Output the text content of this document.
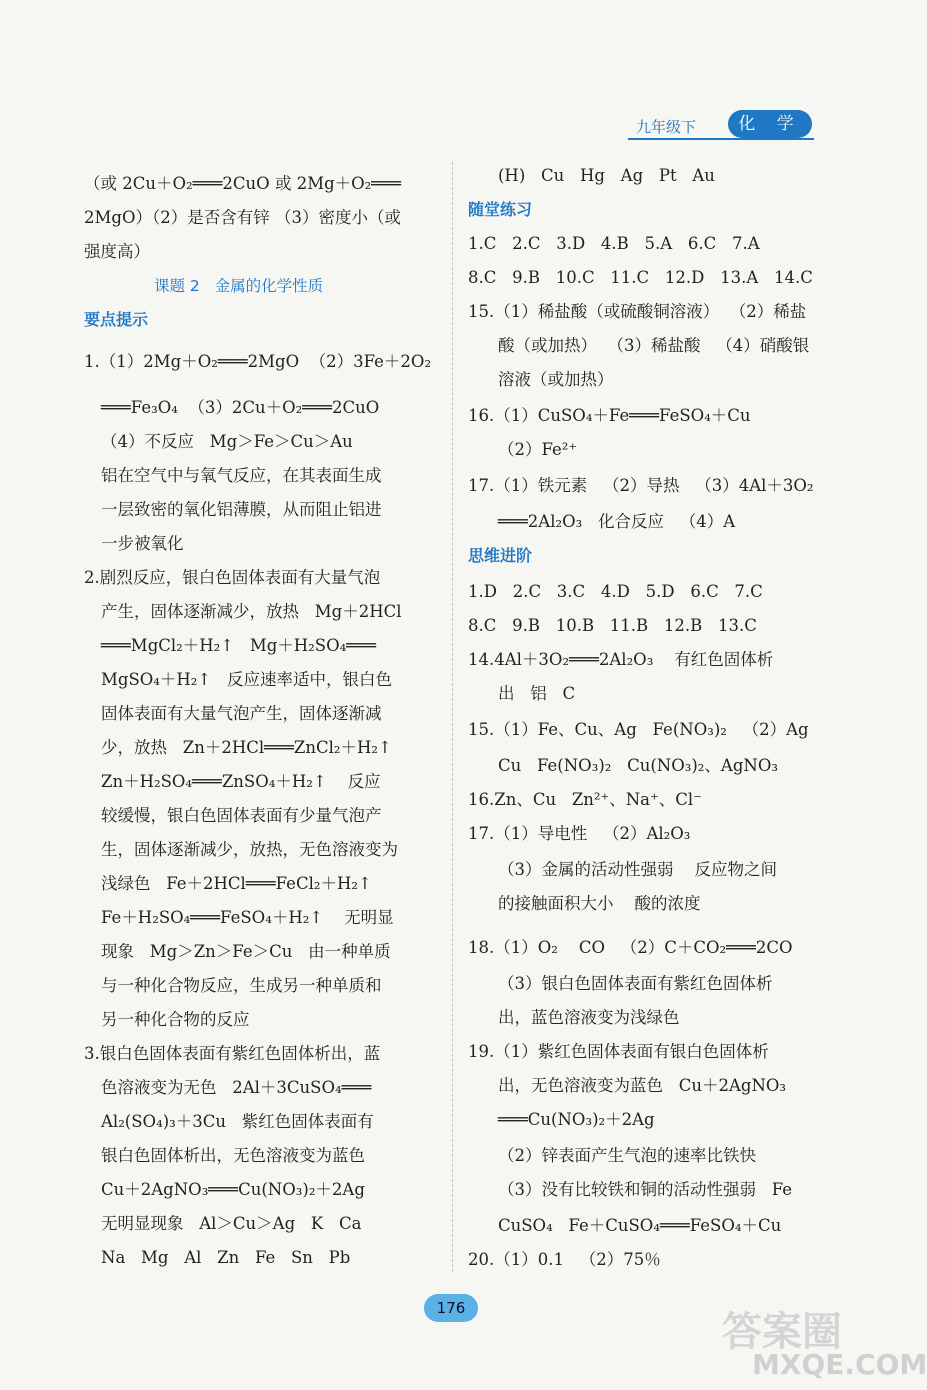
九年级下	化 学
（或 2Cu＋O₂═══2CuO 或 2Mg＋O₂═══
2MgO）（2）是否含有锌 （3）密度小（或
强度高）
课题 2   金属的化学性质
要点提示
1.（1）2Mg＋O₂═══2MgO  （2）3Fe＋2O₂
═══Fe₃O₄  （3）2Cu＋O₂═══2CuO
（4）不反应   Mg＞Fe＞Cu＞Au
铝在空气中与氧气反应，在其表面生成
一层致密的氧化铝薄膜，从而阻止铝进
一步被氧化
2.剧烈反应，银白色固体表面有大量气泡
产生，固体逐渐减少，放热   Mg＋2HCl
═══MgCl₂＋H₂↑   Mg＋H₂SO₄═══
MgSO₄＋H₂↑   反应速率适中，银白色
固体表面有大量气泡产生，固体逐渐减
少，放热   Zn＋2HCl═══ZnCl₂＋H₂↑
Zn＋H₂SO₄═══ZnSO₄＋H₂↑    反应
较缓慢，银白色固体表面有少量气泡产
生，固体逐渐减少，放热，无色溶液变为
浅绿色   Fe＋2HCl═══FeCl₂＋H₂↑
Fe＋H₂SO₄═══FeSO₄＋H₂↑    无明显
现象   Mg＞Zn＞Fe＞Cu   由一种单质
与一种化合物反应，生成另一种单质和
另一种化合物的反应
3.银白色固体表面有紫红色固体析出，蓝
色溶液变为无色   2Al＋3CuSO₄═══
Al₂(SO₄)₃＋3Cu   紫红色固体表面有
银白色固体析出，无色溶液变为蓝色
Cu＋2AgNO₃═══Cu(NO₃)₂＋2Ag
无明显现象   Al＞Cu＞Ag   K   Ca
Na   Mg   Al   Zn   Fe   Sn   Pb
(H)   Cu   Hg   Ag   Pt   Au
随堂练习
1.C   2.C   3.D   4.B   5.A   6.C   7.A
8.C   9.B   10.C   11.C   12.D   13.A   14.C
15.（1）稀盐酸（或硫酸铜溶液）  （2）稀盐
酸（或加热）  （3）稀盐酸   （4）硝酸银
溶液（或加热）
16.（1）CuSO₄＋Fe═══FeSO₄＋Cu
（2）Fe²⁺
17.（1）铁元素   （2）导热   （3）4Al＋3O₂
═══2Al₂O₃   化合反应   （4）A
思维进阶
1.D   2.C   3.C   4.D   5.D   6.C   7.C
8.C   9.B   10.B   11.B   12.B   13.C
14.4Al＋3O₂═══2Al₂O₃    有红色固体析
出   铝   C
15.（1）Fe、Cu、Ag   Fe(NO₃)₂   （2）Ag
Cu   Fe(NO₃)₂   Cu(NO₃)₂、AgNO₃
16.Zn、Cu   Zn²⁺、Na⁺、Cl⁻
17.（1）导电性   （2）Al₂O₃
（3）金属的活动性强弱    反应物之间
的接触面积大小    酸的浓度
18.（1）O₂    CO   （2）C＋CO₂═══2CO
（3）银白色固体表面有紫红色固体析
出，蓝色溶液变为浅绿色
19.（1）紫红色固体表面有银白色固体析
出，无色溶液变为蓝色   Cu＋2AgNO₃
═══Cu(NO₃)₂＋2Ag
（2）锌表面产生气泡的速率比铁快
（3）没有比较铁和铜的活动性强弱   Fe
CuSO₄   Fe＋CuSO₄═══FeSO₄＋Cu
20.（1）0.1   （2）75％
176
答案圈
MXQE.COM
